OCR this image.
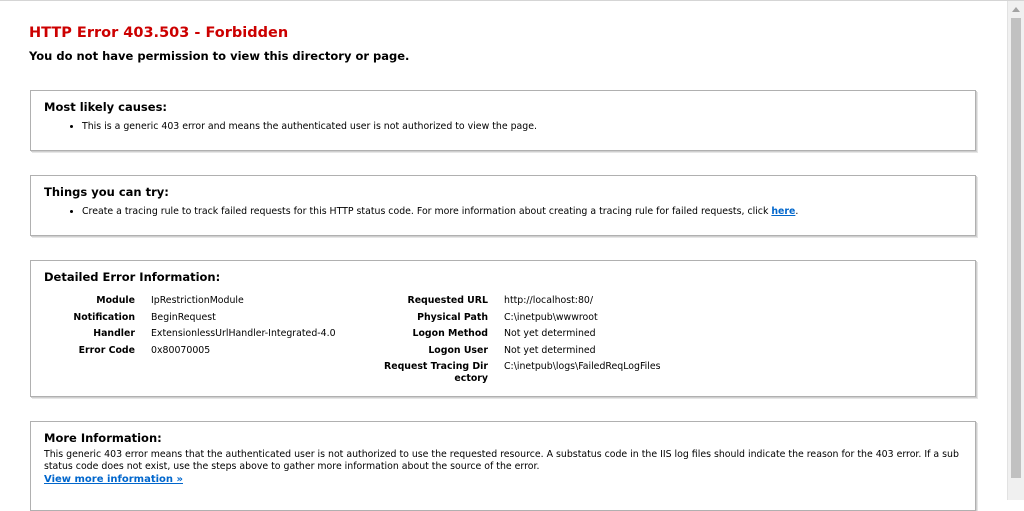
HTTP Error 403.503 - Forbidden
You do not have permission to view this directory or page.
Most likely causes:
• This is a generic 403 error and means the authenticated user is not authorized to view the page.
Things you can try:
• Create a tracing rule to track failed requests for this HTTP status code. For more information about creating a tracing rule for failed requests, click here.
Detailed Error Information:
Module IpRestrictionModule
Notification BeginRequest
Handler ExtensionlessUrlHandler-Integrated-4.0
Error Code 0x80070005
Requested URL http://localhost:80/
Physical Path C:\inetpub\wwwroot
Logon Method Not yet determined
Logon User Not yet determined
Request Tracing Dir ectory
C:\inetpub\logs\FailedReqLogFiles
More Information:
This generic 403 error means that the authenticated user is not authorized to use the requested resource. A substatus code in the IIS log files should indicate the reason for the 403 error. If a sub status code does not exist, use the steps above to gather more information about the source of the error.
View more information »
